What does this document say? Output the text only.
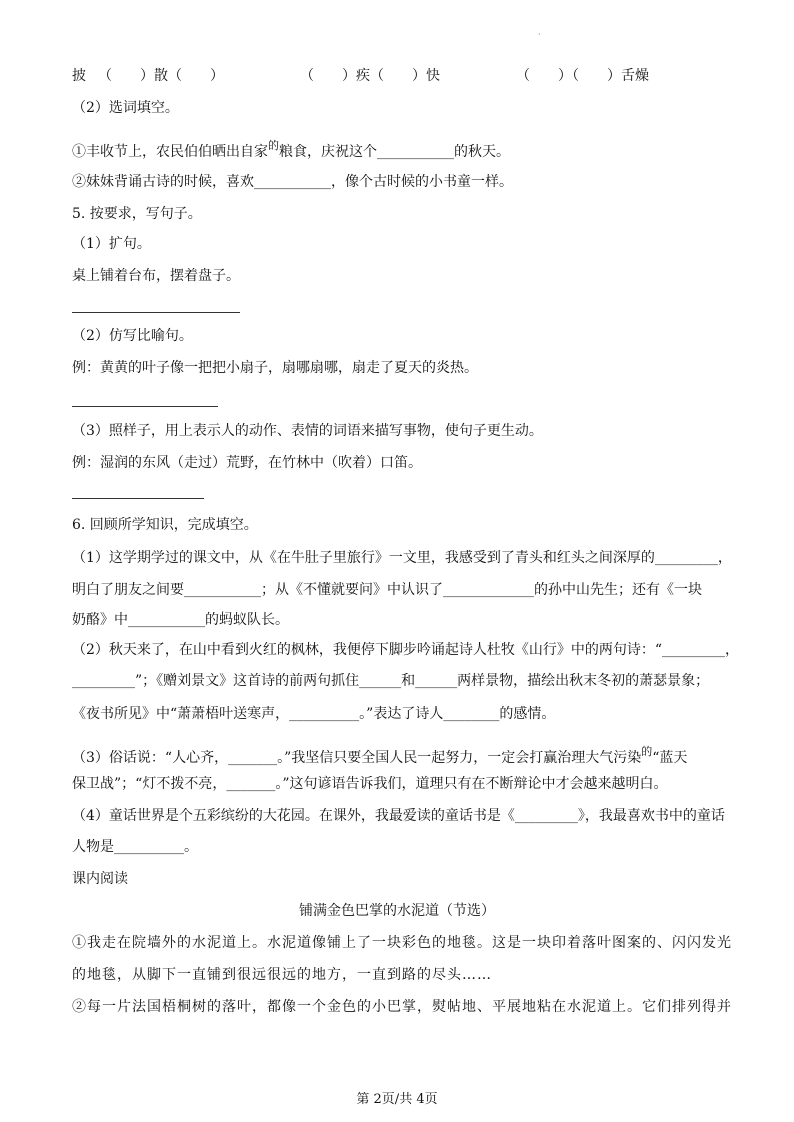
·
披 （　　）散（　　）	（　　）疾（　　）快	（　　）（　　）舌燥
（2）选词填空。
①丰收节上，农民伯伯晒出自家$^的$粮食，庆祝这个___________的秋天。
②妹妹背诵古诗的时候，喜欢___________，像个古时候的小书童一样。
5. 按要求，写句子。
（1）扩句。
桌上铺着台布，摆着盘子。
（2）仿写比喻句。
例：黄黄的叶子像一把把小扇子，扇哪扇哪，扇走了夏天的炎热。
（3）照样子，用上表示人的动作、表情的词语来描写事物，使句子更生动。
例：湿润的东风（走过）荒野，在竹林中（吹着）口笛。
6. 回顾所学知识，完成填空。
（1）这学期学过的课文中，从《在牛肚子里旅行》一文里，我感受到了青头和红头之间深厚的_________，
明白了朋友之间要___________；从《不懂就要问》中认识了_____________的孙中山先生；还有《一块
奶酪》中___________的蚂蚁队长。
（2）秋天来了，在山中看到火红的枫林，我便停下脚步吟诵起诗人杜牧《山行》中的两句诗：“_________，
_________”；《赠刘景文》这首诗的前两句抓住______和______两样景物，描绘出秋末冬初的萧瑟景象；
《夜书所见》中“萧萧梧叶送寒声，__________。”表达了诗人________的感情。
（3）俗话说：“人心齐，_______。”我坚信只要全国人民一起努力，一定会打赢治理大气污染$^的$“蓝天
保卫战”；“灯不拨不亮，_______。”这句谚语告诉我们，道理只有在不断辩论中才会越来越明白。
（4）童话世界是个五彩缤纷的大花园。在课外，我最爱读的童话书是《_________》，我最喜欢书中的童话
人物是__________。
课内阅读
铺满金色巴掌的水泥道（节选）
①我走在院墙外的水泥道上。水泥道像铺上了一块彩色的地毯。这是一块印着落叶图案的、闪闪发光
的地毯，从脚下一直铺到很远很远的地方，一直到路的尽头……
②每一片法国梧桐树的落叶，都像一个金色的小巴掌，熨帖地、平展地粘在水泥道上。它们排列得并
第 2页/共 4页
